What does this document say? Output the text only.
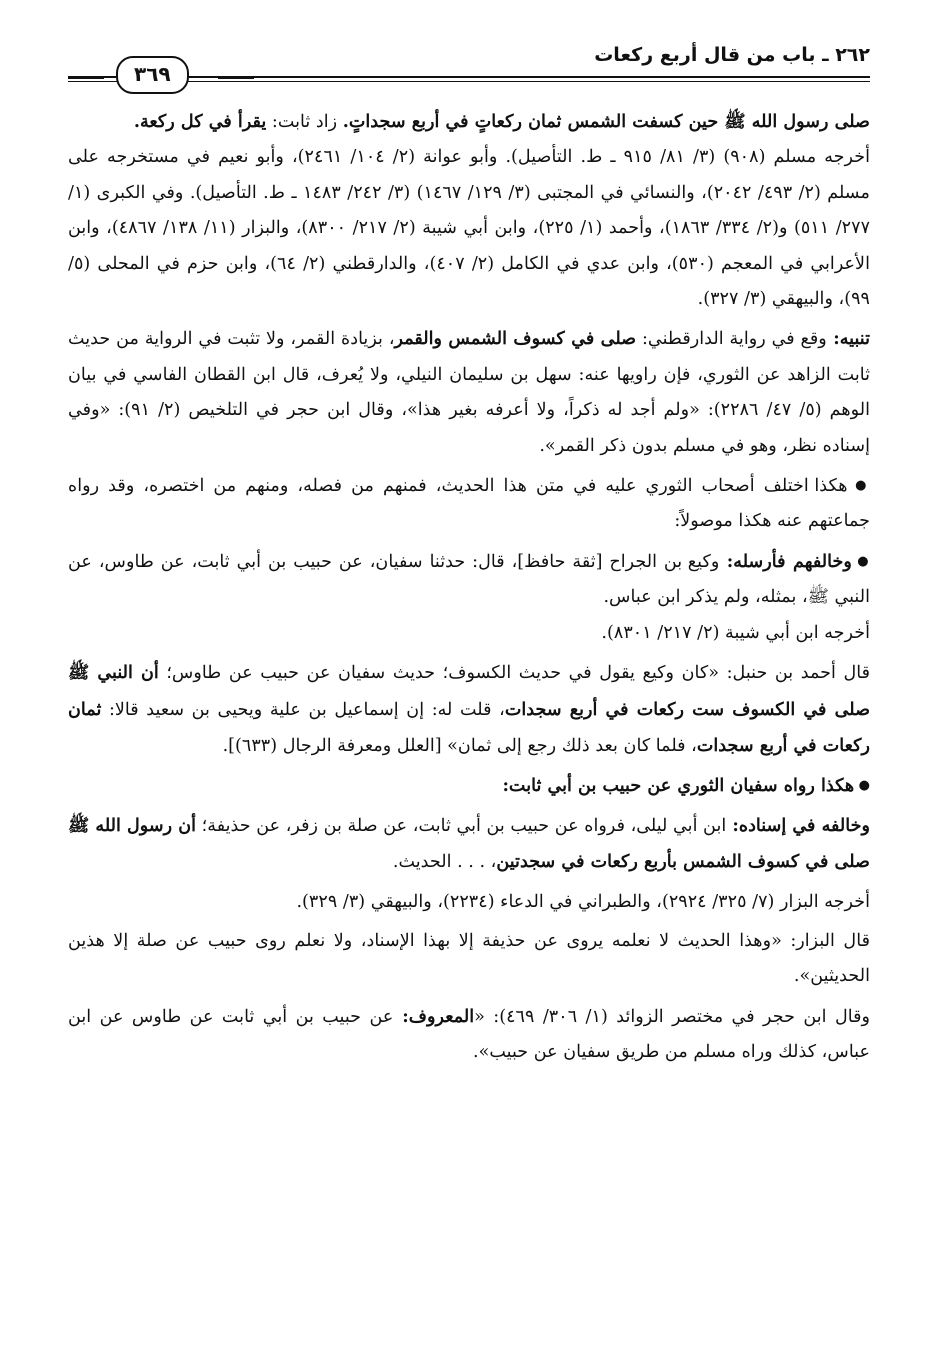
٢٦٢ ـ باب من قال أربع ركعات
٣٦٩

صلى رسول الله ﷺ حين كسفت الشمس ثمان ركعاتٍ في أربع سجداتٍ. زاد ثابت: يقرأ في كل ركعة.

أخرجه مسلم (٩٠٨) (٣/ ٨١/ ٩١٥ ـ ط. التأصيل). وأبو عوانة (٢/ ١٠٤/ ٢٤٦١)، وأبو نعيم في مستخرجه على مسلم (٢/ ٤٩٣/ ٢٠٤٢)، والنسائي في المجتبى (٣/ ١٢٩/ ١٤٦٧) (٣/ ٢٤٢/ ١٤٨٣ ـ ط. التأصيل). وفي الكبرى (١/ ٢٧٧/ ٥١١) و(٢/ ٣٣٤/ ١٨٦٣)، وأحمد (١/ ٢٢٥)، وابن أبي شيبة (٢/ ٢١٧/ ٨٣٠٠)، والبزار (١١/ ١٣٨/ ٤٨٦٧)، وابن الأعرابي في المعجم (٥٣٠)، وابن عدي في الكامل (٢/ ٤٠٧)، والدارقطني (٢/ ٦٤)، وابن حزم في المحلى (٥/ ٩٩)، والبيهقي (٣/ ٣٢٧).

تنبيه: وقع في رواية الدارقطني: صلى في كسوف الشمس والقمر، بزيادة القمر، ولا تثبت في الرواية من حديث ثابت الزاهد عن الثوري، فإن راويها عنه: سهل بن سليمان النيلي، ولا يُعرف، قال ابن القطان الفاسي في بيان الوهم (٥/ ٤٧/ ٢٢٨٦): «ولم أجد له ذكراً، ولا أعرفه بغير هذا»، وقال ابن حجر في التلخيص (٢/ ٩١): «وفي إسناده نظر، وهو في مسلم بدون ذكر القمر».

● هكذا اختلف أصحاب الثوري عليه في متن هذا الحديث، فمنهم من فصله، ومنهم من اختصره، وقد رواه جماعتهم عنه هكذا موصولاً:

● وخالفهم فأرسله: وكيع بن الجراح [ثقة حافظ]، قال: حدثنا سفيان، عن حبيب بن أبي ثابت، عن طاوس، عن النبي ﷺ، بمثله، ولم يذكر ابن عباس.

أخرجه ابن أبي شيبة (٢/ ٢١٧/ ٨٣٠١).

قال أحمد بن حنبل: «كان وكيع يقول في حديث الكسوف؛ حديث سفيان عن حبيب عن طاوس؛ أن النبي ﷺ صلى في الكسوف ست ركعات في أربع سجدات، قلت له: إن إسماعيل بن علية ويحيى بن سعيد قالا: ثمان ركعات في أربع سجدات، فلما كان بعد ذلك رجع إلى ثمان» [العلل ومعرفة الرجال (٦٣٣)].

● هكذا رواه سفيان الثوري عن حبيب بن أبي ثابت:

وخالفه في إسناده: ابن أبي ليلى، فرواه عن حبيب بن أبي ثابت، عن صلة بن زفر، عن حذيفة؛ أن رسول الله ﷺ صلى في كسوف الشمس بأربع ركعات في سجدتين، . . . الحديث.

أخرجه البزار (٧/ ٣٢٥/ ٢٩٢٤)، والطبراني في الدعاء (٢٢٣٤)، والبيهقي (٣/ ٣٢٩).

قال البزار: «وهذا الحديث لا نعلمه يروى عن حذيفة إلا بهذا الإسناد، ولا نعلم روى حبيب عن صلة إلا هذين الحديثين».

وقال ابن حجر في مختصر الزوائد (١/ ٣٠٦/ ٤٦٩): «المعروف: عن حبيب بن أبي ثابت عن طاوس عن ابن عباس، كذلك وراه مسلم من طريق سفيان عن حبيب».
